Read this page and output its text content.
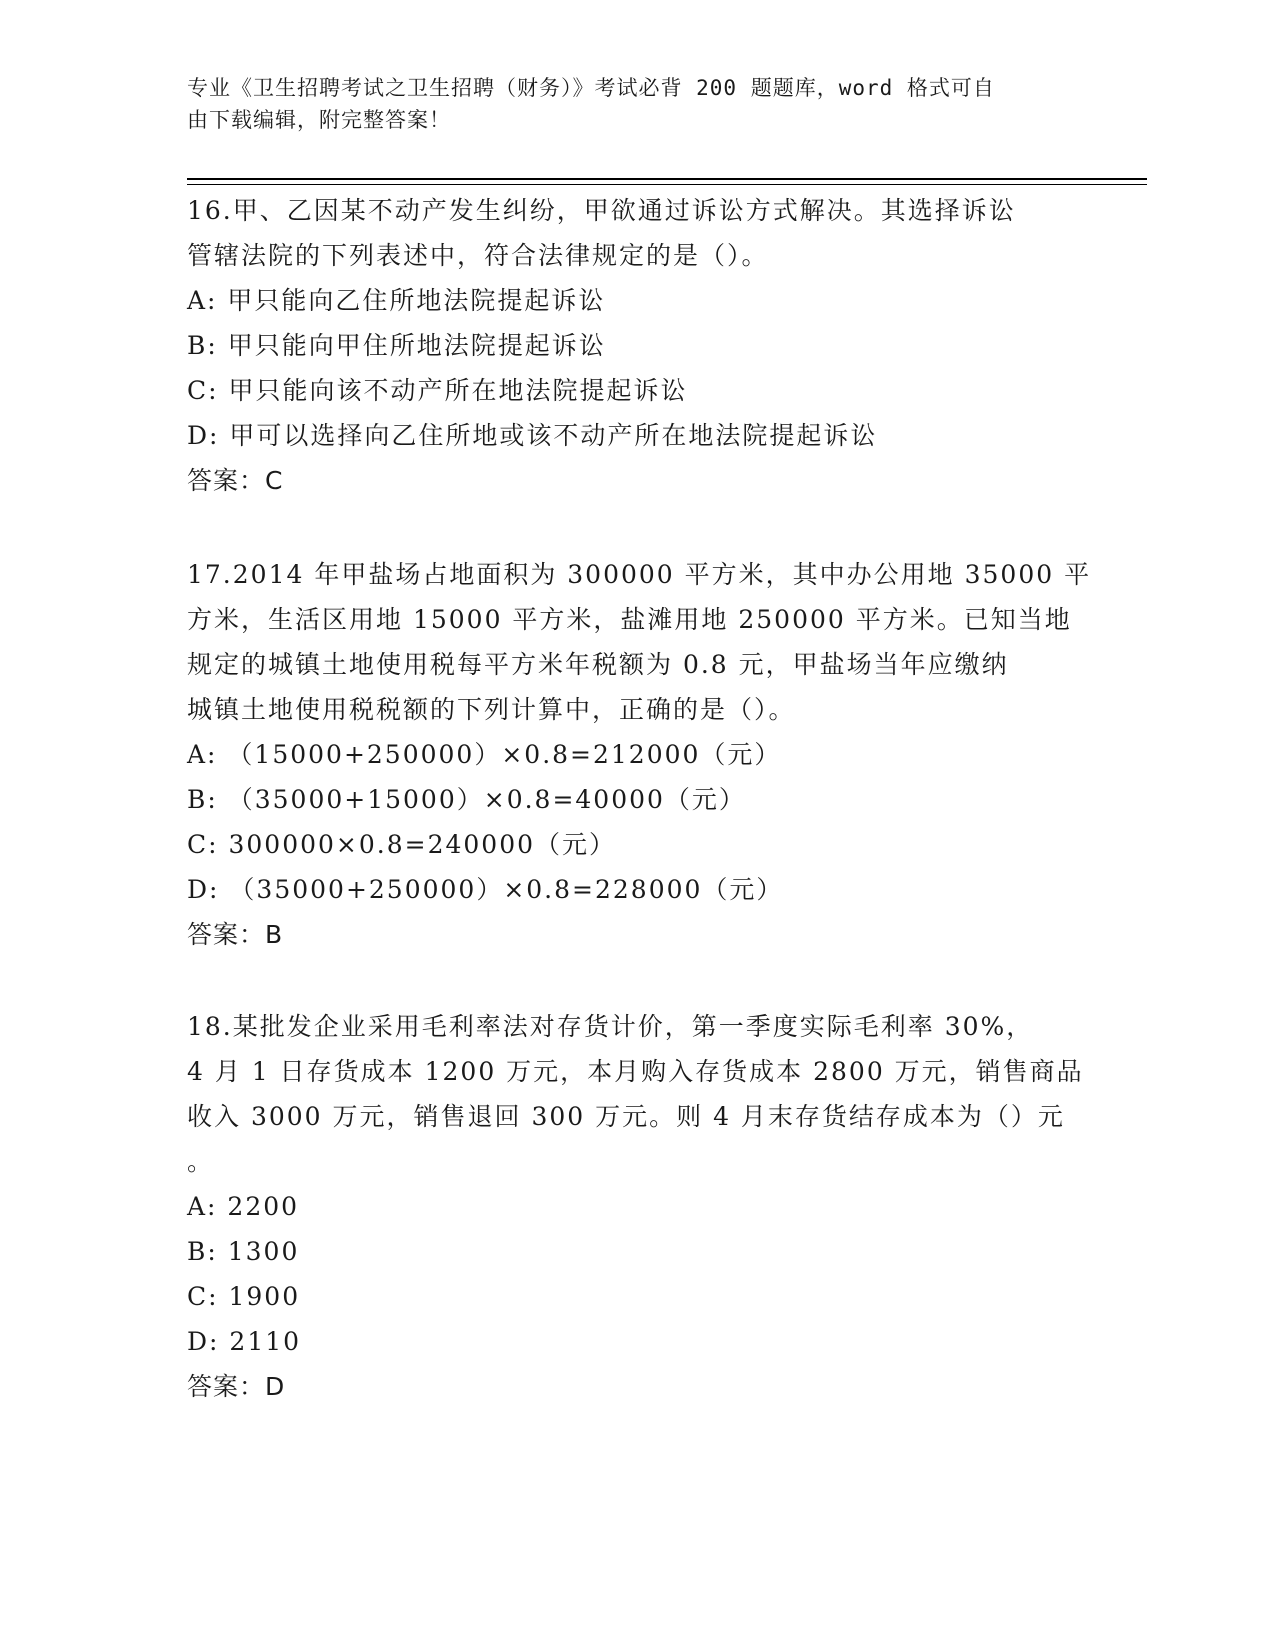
专业《卫生招聘考试之卫生招聘（财务）》考试必背 200 题题库，word 格式可自
由下载编辑，附完整答案！
16.甲、乙因某不动产发生纠纷，甲欲通过诉讼方式解决。其选择诉讼
管辖法院的下列表述中，符合法律规定的是（）。
A: 甲只能向乙住所地法院提起诉讼
B: 甲只能向甲住所地法院提起诉讼
C: 甲只能向该不动产所在地法院提起诉讼
D: 甲可以选择向乙住所地或该不动产所在地法院提起诉讼
答案：C
17.2014 年甲盐场占地面积为 300000 平方米，其中办公用地 35000 平
方米，生活区用地 15000 平方米，盐滩用地 250000 平方米。已知当地
规定的城镇土地使用税每平方米年税额为 0.8 元，甲盐场当年应缴纳
城镇土地使用税税额的下列计算中，正确的是（）。
A: （15000+250000）×0.8=212000（元）
B: （35000+15000）×0.8=40000（元）
C: 300000×0.8=240000（元）
D: （35000+250000）×0.8=228000（元）
答案：B
18.某批发企业采用毛利率法对存货计价，第一季度实际毛利率 30%，
4 月 1 日存货成本 1200 万元，本月购入存货成本 2800 万元，销售商品
收入 3000 万元，销售退回 300 万元。则 4 月末存货结存成本为（）元
。
A: 2200
B: 1300
C: 1900
D: 2110
答案：D
